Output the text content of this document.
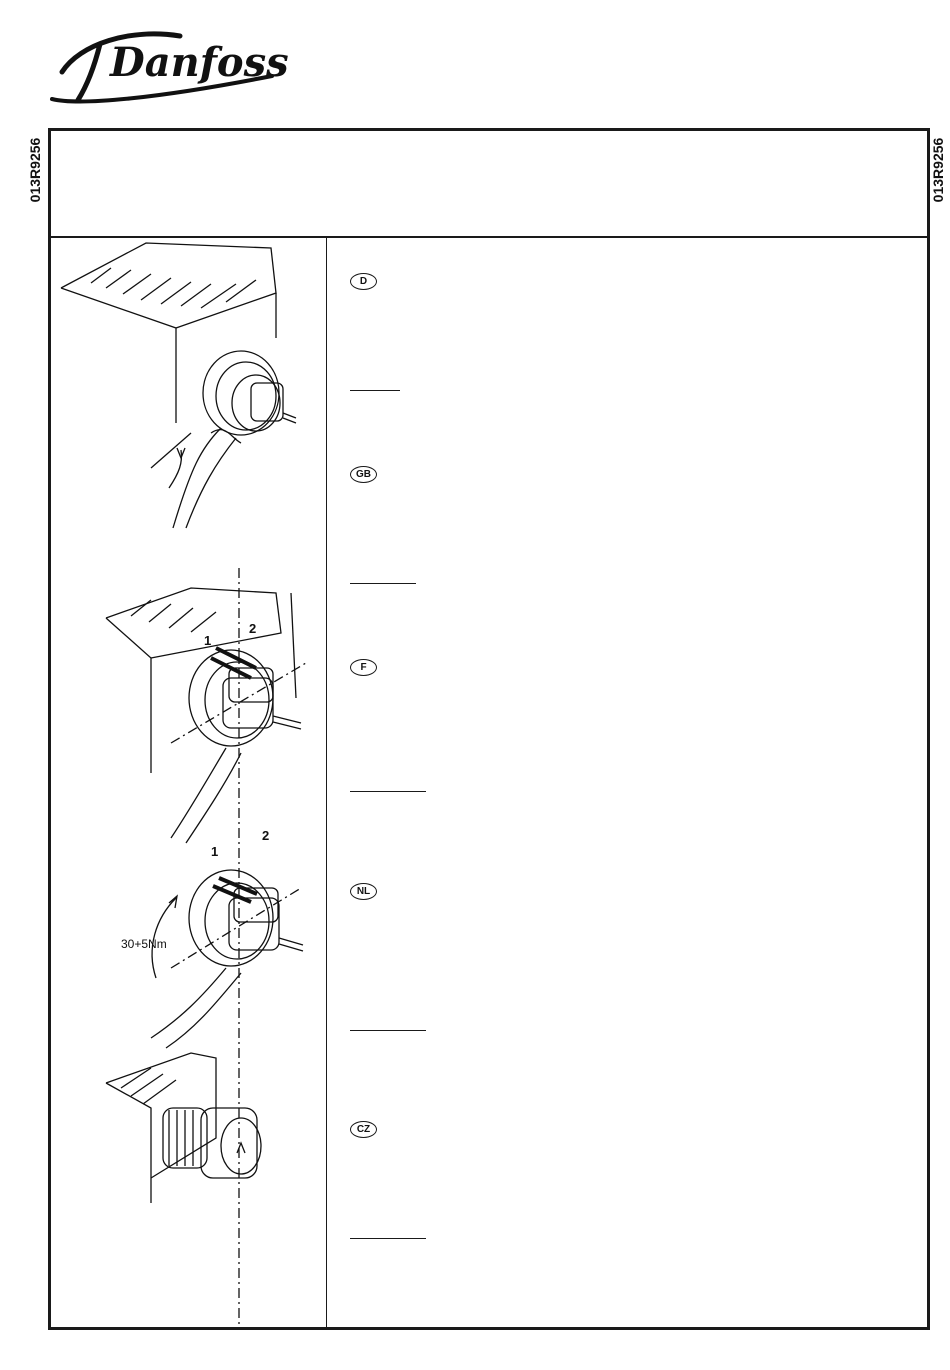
Danfoss
013R9256	013R9256
1
2
1
2
30+5Nm
D
GB
F
NL
CZ
